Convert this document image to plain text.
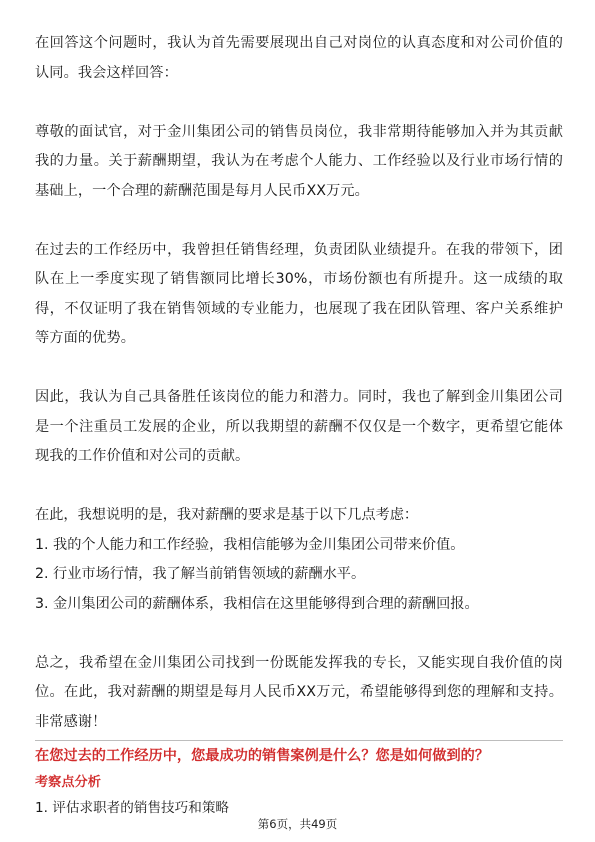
在回答这个问题时，我认为首先需要展现出自己对岗位的认真态度和对公司价值的认同。我会这样回答：

尊敬的面试官，对于金川集团公司的销售员岗位，我非常期待能够加入并为其贡献我的力量。关于薪酬期望，我认为在考虑个人能力、工作经验以及行业市场行情的基础上，一个合理的薪酬范围是每月人民币XX万元。

在过去的工作经历中，我曾担任销售经理，负责团队业绩提升。在我的带领下，团队在上一季度实现了销售额同比增长30%，市场份额也有所提升。这一成绩的取得，不仅证明了我在销售领域的专业能力，也展现了我在团队管理、客户关系维护等方面的优势。

因此，我认为自己具备胜任该岗位的能力和潜力。同时，我也了解到金川集团公司是一个注重员工发展的企业，所以我期望的薪酬不仅仅是一个数字，更希望它能体现我的工作价值和对公司的贡献。

在此，我想说明的是，我对薪酬的要求是基于以下几点考虑：

1. 我的个人能力和工作经验，我相信能够为金川集团公司带来价值。

2. 行业市场行情，我了解当前销售领域的薪酬水平。

3. 金川集团公司的薪酬体系，我相信在这里能够得到合理的薪酬回报。

总之，我希望在金川集团公司找到一份既能发挥我的专长，又能实现自我价值的岗位。在此，我对薪酬的期望是每月人民币XX万元，希望能够得到您的理解和支持。非常感谢！

在您过去的工作经历中，您最成功的销售案例是什么？您是如何做到的？

考察点分析

1. 评估求职者的销售技巧和策略

第6页，共49页
